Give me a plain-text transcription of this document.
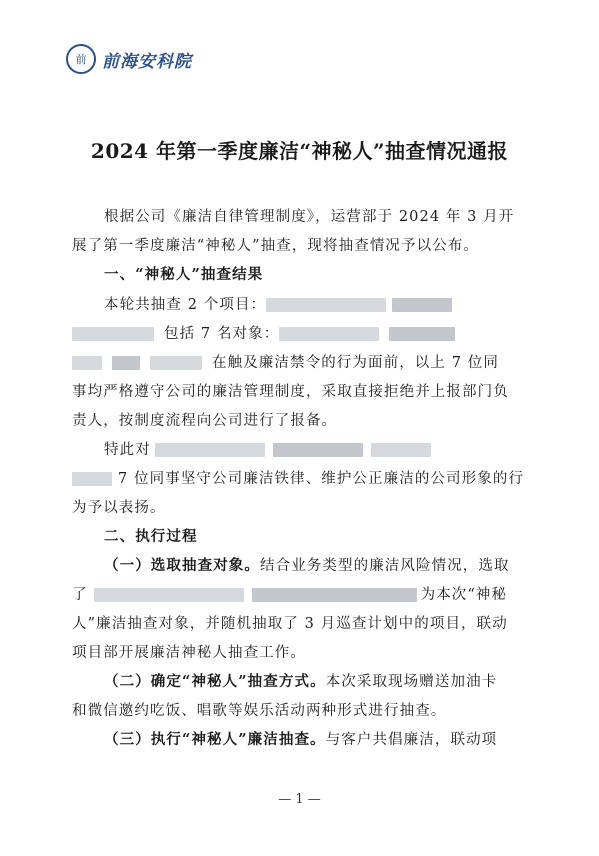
前 前海安科院
2024 年第一季度廉洁“神秘人”抽查情况通报
根据公司《廉洁自律管理制度》，运营部于 2024 年 3 月开
展了第一季度廉洁“神秘人”抽查，现将抽查情况予以公布。
一、“神秘人”抽查结果
本轮共抽查 2 个项目：
包括 7 名对象：
在触及廉洁禁令的行为面前，以上 7 位同
事均严格遵守公司的廉洁管理制度，采取直接拒绝并上报部门负
责人，按制度流程向公司进行了报备。
特此对
7 位同事坚守公司廉洁铁律、维护公正廉洁的公司形象的行
为予以表扬。
二、执行过程
（一）选取抽查对象。结合业务类型的廉洁风险情况，选取
了	为本次“神秘
人”廉洁抽查对象，并随机抽取了 3 月巡查计划中的项目，联动
项目部开展廉洁神秘人抽查工作。
（二）确定“神秘人”抽查方式。本次采取现场赠送加油卡
和微信邀约吃饭、唱歌等娱乐活动两种形式进行抽查。
（三）执行“神秘人”廉洁抽查。与客户共倡廉洁，联动项
— 1 —
